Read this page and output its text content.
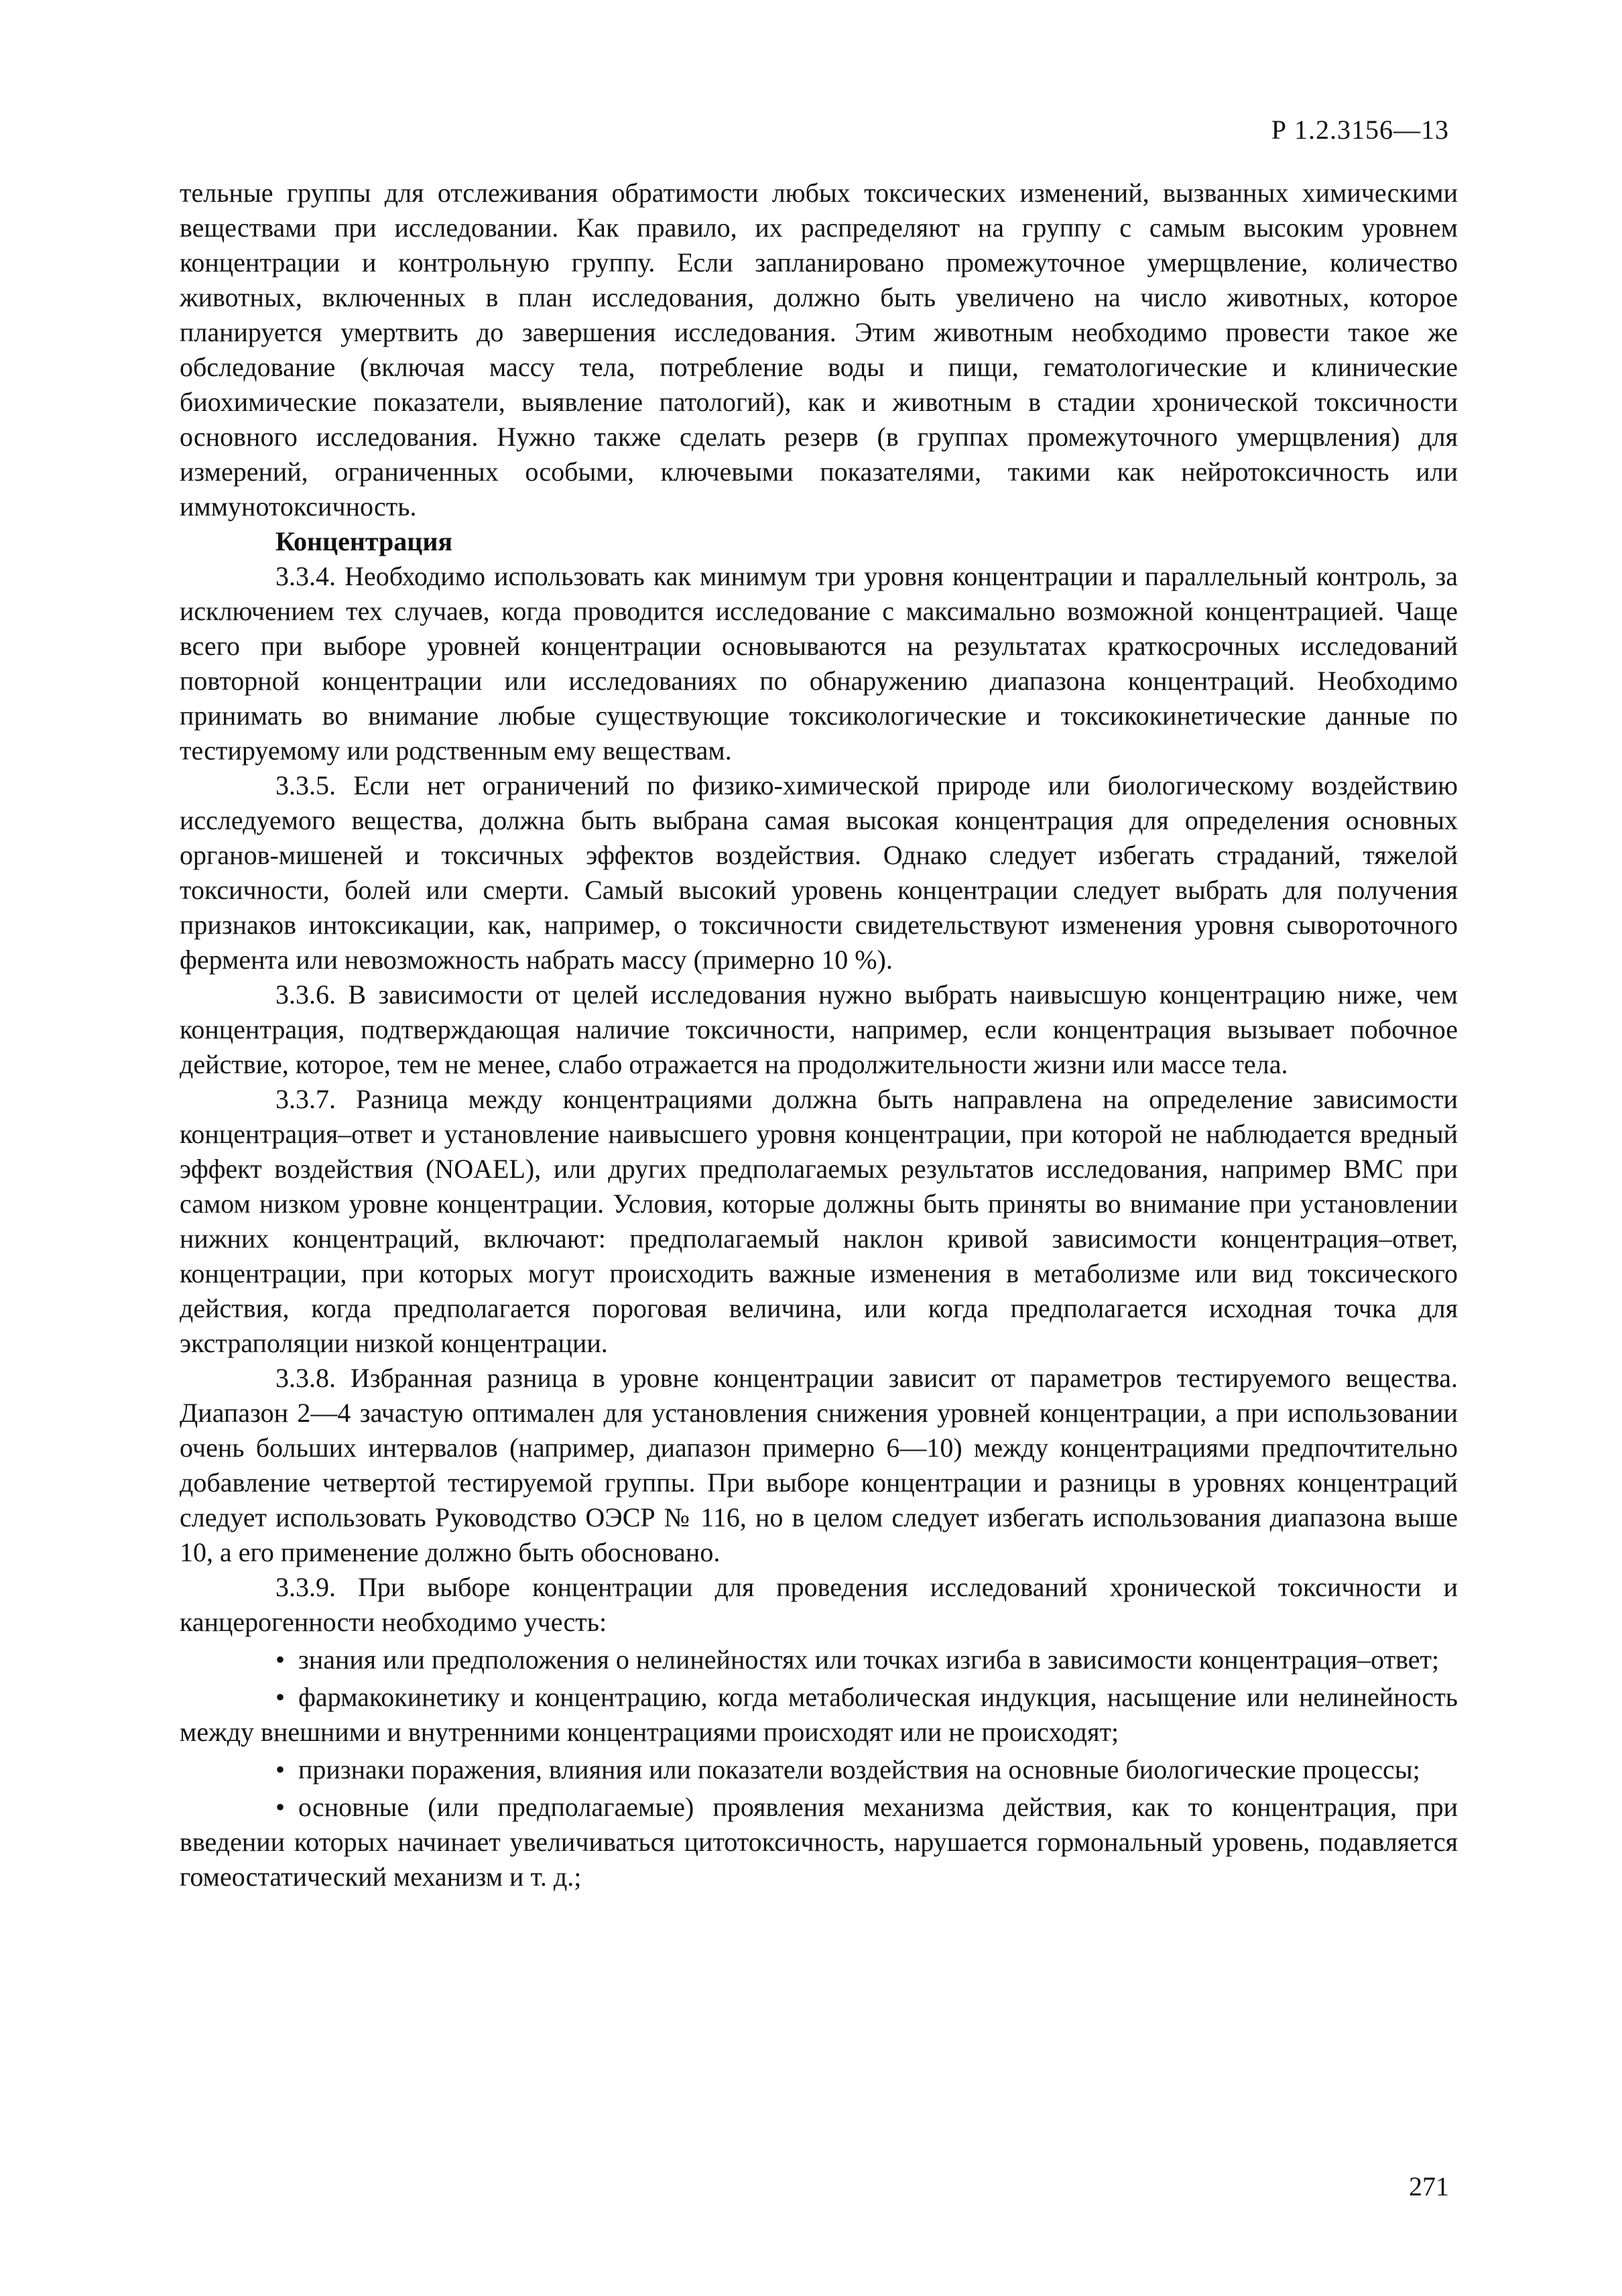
Р 1.2.3156—13

тельные группы для отслеживания обратимости любых токсических изменений, вызванных химическими веществами при исследовании. Как правило, их распределяют на группу с самым высоким уровнем концентрации и контрольную группу. Если запланировано промежуточное умерщвление, количество животных, включенных в план исследования, должно быть увеличено на число животных, которое планируется умертвить до завершения исследования. Этим животным необходимо провести такое же обследование (включая массу тела, потребление воды и пищи, гематологические и клинические биохимические показатели, выявление патологий), как и животным в стадии хронической токсичности основного исследования. Нужно также сделать резерв (в группах промежуточного умерщвления) для измерений, ограниченных особыми, ключевыми показателями, такими как нейротоксичность или иммунотоксичность.

Концентрация

3.3.4. Необходимо использовать как минимум три уровня концентрации и параллельный контроль, за исключением тех случаев, когда проводится исследование с максимально возможной концентрацией. Чаще всего при выборе уровней концентрации основываются на результатах краткосрочных исследований повторной концентрации или исследованиях по обнаружению диапазона концентраций. Необходимо принимать во внимание любые существующие токсикологические и токсикокинетические данные по тестируемому или родственным ему веществам.

3.3.5. Если нет ограничений по физико-химической природе или биологическому воздействию исследуемого вещества, должна быть выбрана самая высокая концентрация для определения основных органов-мишеней и токсичных эффектов воздействия. Однако следует избегать страданий, тяжелой токсичности, болей или смерти. Самый высокий уровень концентрации следует выбрать для получения признаков интоксикации, как, например, о токсичности свидетельствуют изменения уровня сывороточного фермента или невозможность набрать массу (примерно 10 %).

3.3.6. В зависимости от целей исследования нужно выбрать наивысшую концентрацию ниже, чем концентрация, подтверждающая наличие токсичности, например, если концентрация вызывает побочное действие, которое, тем не менее, слабо отражается на продолжительности жизни или массе тела.

3.3.7. Разница между концентрациями должна быть направлена на определение зависимости концентрация–ответ и установление наивысшего уровня концентрации, при которой не наблюдается вредный эффект воздействия (NOAEL), или других предполагаемых результатов исследования, например ВМС при самом низком уровне концентрации. Условия, которые должны быть приняты во внимание при установлении нижних концентраций, включают: предполагаемый наклон кривой зависимости концентрация–ответ, концентрации, при которых могут происходить важные изменения в метаболизме или вид токсического действия, когда предполагается пороговая величина, или когда предполагается исходная точка для экстраполяции низкой концентрации.

3.3.8. Избранная разница в уровне концентрации зависит от параметров тестируемого вещества. Диапазон 2—4 зачастую оптимален для установления снижения уровней концентрации, а при использовании очень больших интервалов (например, диапазон примерно 6—10) между концентрациями предпочтительно добавление четвертой тестируемой группы. При выборе концентрации и разницы в уровнях концентраций следует использовать Руководство ОЭСР № 116, но в целом следует избегать использования диапазона выше 10, а его применение должно быть обосновано.

3.3.9. При выборе концентрации для проведения исследований хронической токсичности и канцерогенности необходимо учесть:

•знания или предположения о нелинейностях или точках изгиба в зависимости концентрация–ответ;
•фармакокинетику и концентрацию, когда метаболическая индукция, насыщение или нелинейность между внешними и внутренними концентрациями происходят или не происходят;
•признаки поражения, влияния или показатели воздействия на основные биологические процессы;
•основные (или предполагаемые) проявления механизма действия, как то концентрация, при введении которых начинает увеличиваться цитотоксичность, нарушается гормональный уровень, подавляется гомеостатический механизм и т. д.;
271
